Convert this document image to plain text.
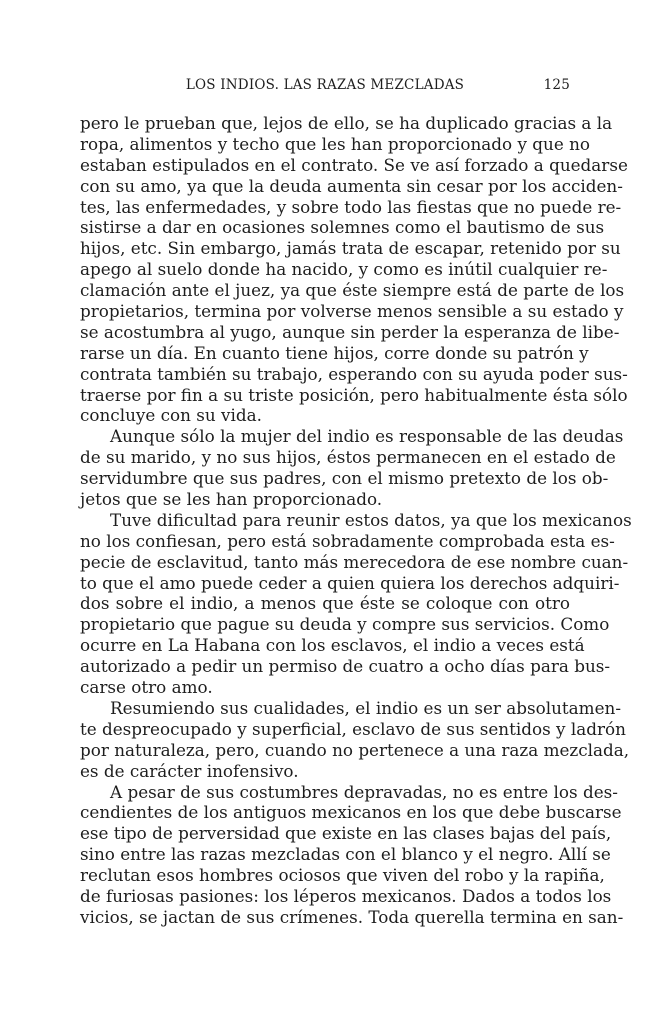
LOS INDIOS. LAS RAZAS MEZCLADAS	125
pero le prueban que, lejos de ello, se ha duplicado gracias a la
ropa, alimentos y techo que les han proporcionado y que no
estaban estipulados en el contrato. Se ve así forzado a quedarse
con su amo, ya que la deuda aumenta sin cesar por los acciden-
tes, las enfermedades, y sobre todo las fiestas que no puede re-
sistirse a dar en ocasiones solemnes como el bautismo de sus
hijos, etc. Sin embargo, jamás trata de escapar, retenido por su
apego al suelo donde ha nacido, y como es inútil cualquier re-
clamación ante el juez, ya que éste siempre está de parte de los
propietarios, termina por volverse menos sensible a su estado y
se acostumbra al yugo, aunque sin perder la esperanza de libe-
rarse un día. En cuanto tiene hijos, corre donde su patrón y
contrata también su trabajo, esperando con su ayuda poder sus-
traerse por fin a su triste posición, pero habitualmente ésta sólo
concluye con su vida.
Aunque sólo la mujer del indio es responsable de las deudas
de su marido, y no sus hijos, éstos permanecen en el estado de
servidumbre que sus padres, con el mismo pretexto de los ob-
jetos que se les han proporcionado.
Tuve dificultad para reunir estos datos, ya que los mexicanos
no los confiesan, pero está sobradamente comprobada esta es-
pecie de esclavitud, tanto más merecedora de ese nombre cuan-
to que el amo puede ceder a quien quiera los derechos adquiri-
dos sobre el indio, a menos que éste se coloque con otro
propietario que pague su deuda y compre sus servicios. Como
ocurre en La Habana con los esclavos, el indio a veces está
autorizado a pedir un permiso de cuatro a ocho días para bus-
carse otro amo.
Resumiendo sus cualidades, el indio es un ser absolutamen-
te despreocupado y superficial, esclavo de sus sentidos y ladrón
por naturaleza, pero, cuando no pertenece a una raza mezclada,
es de carácter inofensivo.
A pesar de sus costumbres depravadas, no es entre los des-
cendientes de los antiguos mexicanos en los que debe buscarse
ese tipo de perversidad que existe en las clases bajas del país,
sino entre las razas mezcladas con el blanco y el negro. Allí se
reclutan esos hombres ociosos que viven del robo y la rapiña,
de furiosas pasiones: los léperos mexicanos. Dados a todos los
vicios, se jactan de sus crímenes. Toda querella termina en san-
